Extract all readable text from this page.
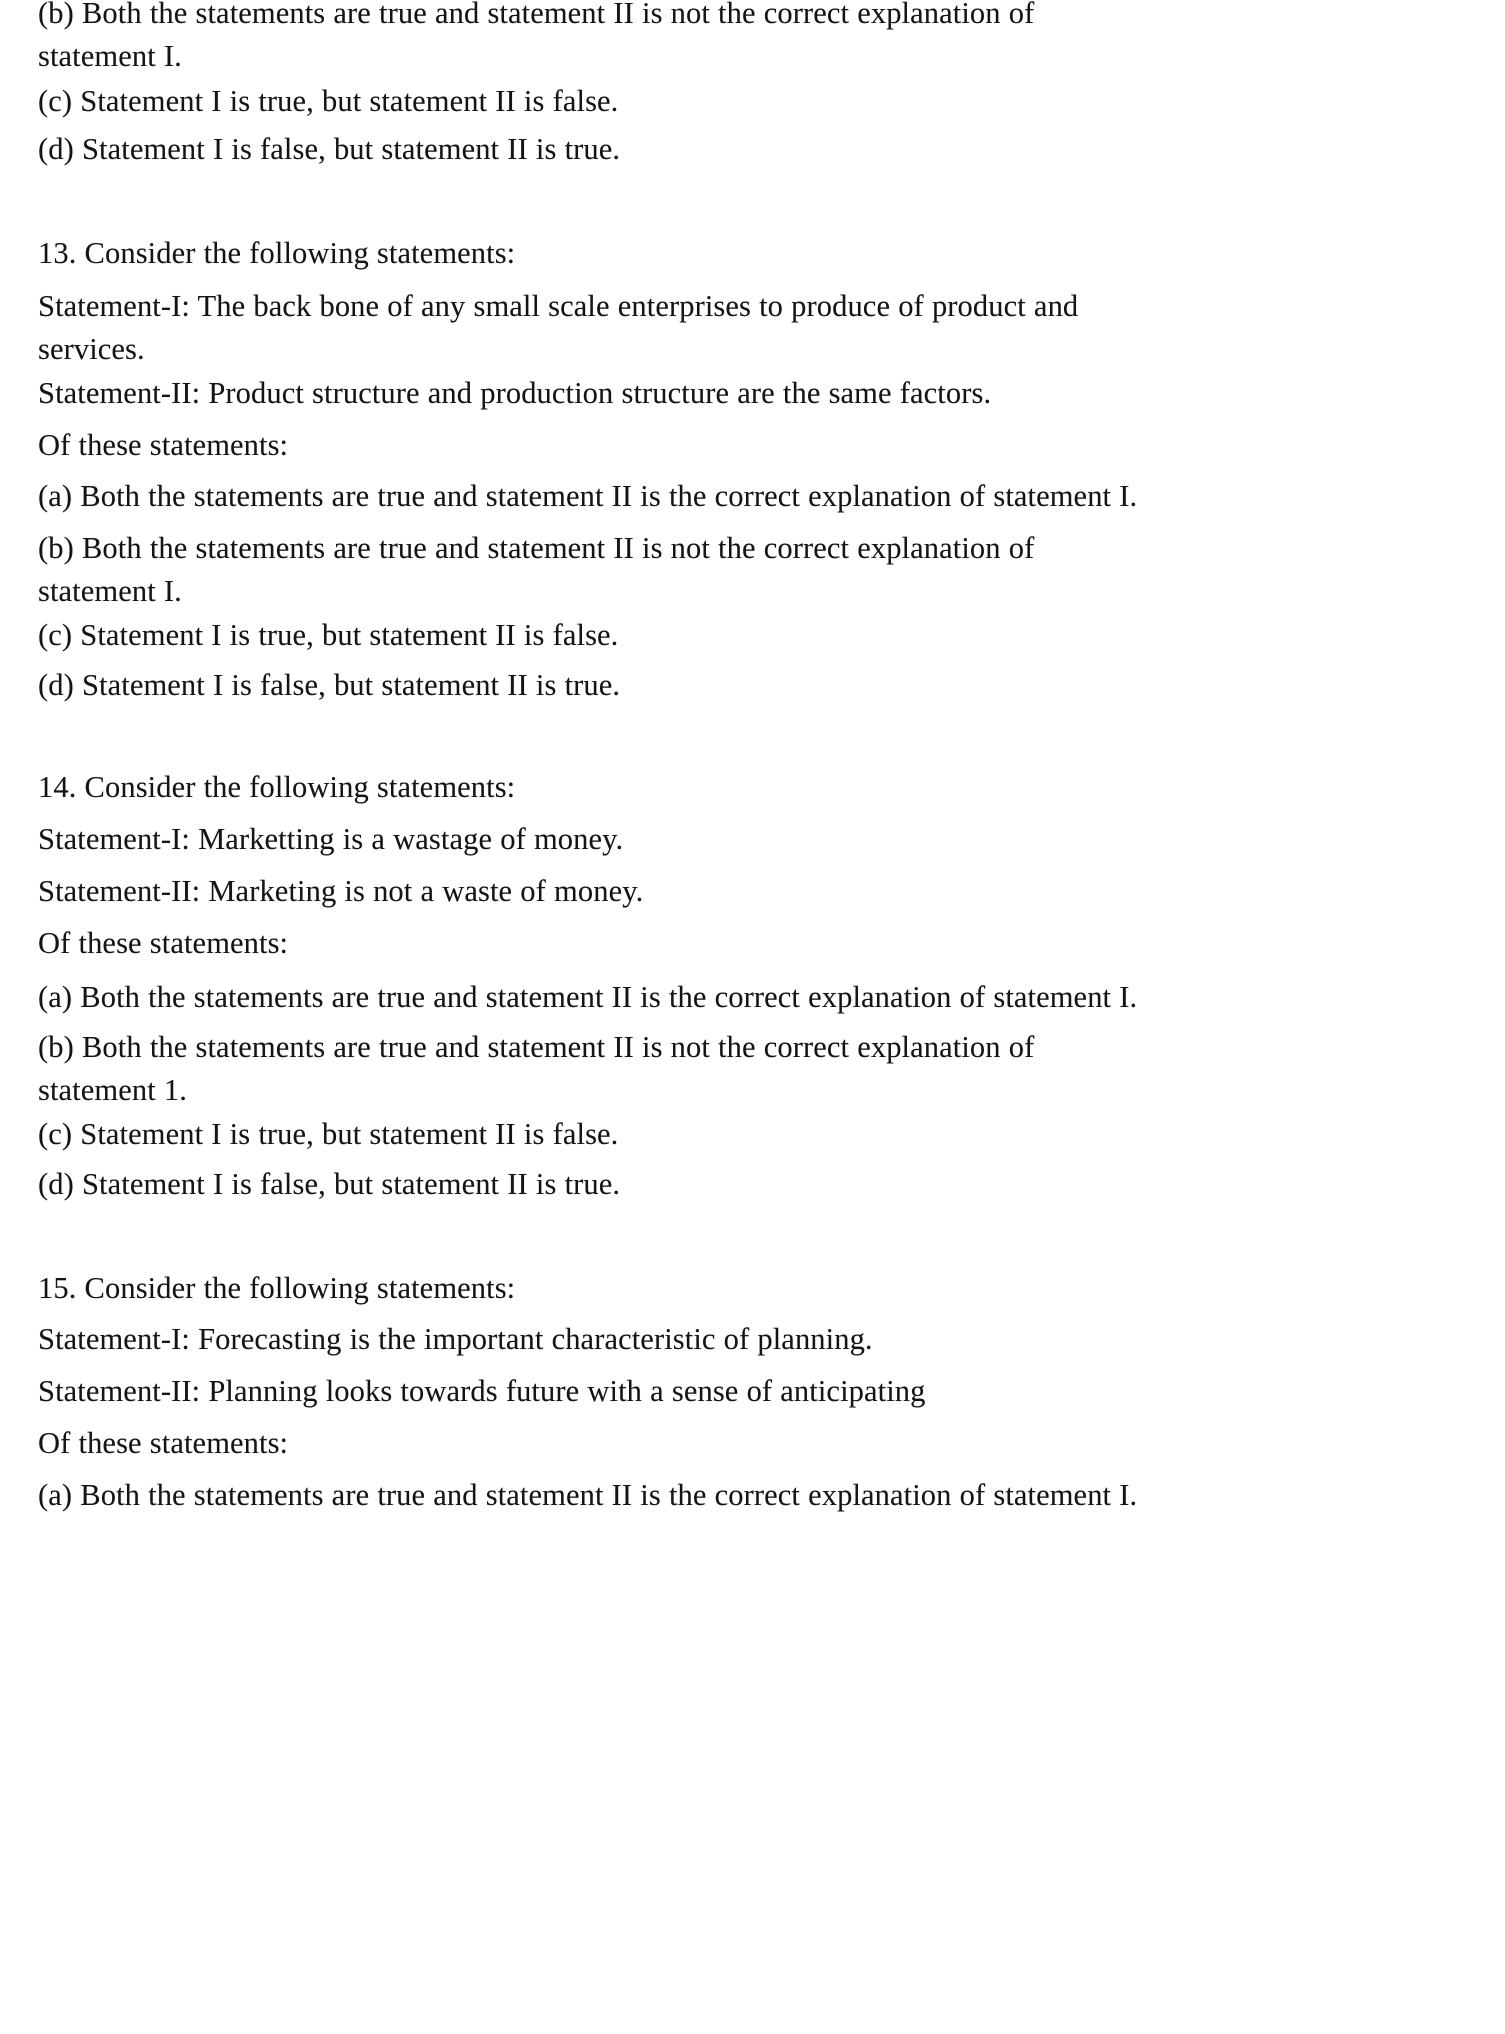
(b) Both the statements are true and statement II is not the correct explanation of
statement I.
(c) Statement I is true, but statement II is false.
(d) Statement I is false, but statement II is true.
13. Consider the following statements:
Statement-I: The back bone of any small scale enterprises to produce of product and
services.
Statement-II: Product structure and production structure are the same factors.
Of these statements:
(a) Both the statements are true and statement II is the correct explanation of statement I.
(b) Both the statements are true and statement II is not the correct explanation of
statement I.
(c) Statement I is true, but statement II is false.
(d) Statement I is false, but statement II is true.
14. Consider the following statements:
Statement-I: Marketting is a wastage of money.
Statement-II: Marketing is not a waste of money.
Of these statements:
(a) Both the statements are true and statement II is the correct explanation of statement I.
(b) Both the statements are true and statement II is not the correct explanation of
statement 1.
(c) Statement I is true, but statement II is false.
(d) Statement I is false, but statement II is true.
15. Consider the following statements:
Statement-I: Forecasting is the important characteristic of planning.
Statement-II: Planning looks towards future with a sense of anticipating
Of these statements:
(a) Both the statements are true and statement II is the correct explanation of statement I.
